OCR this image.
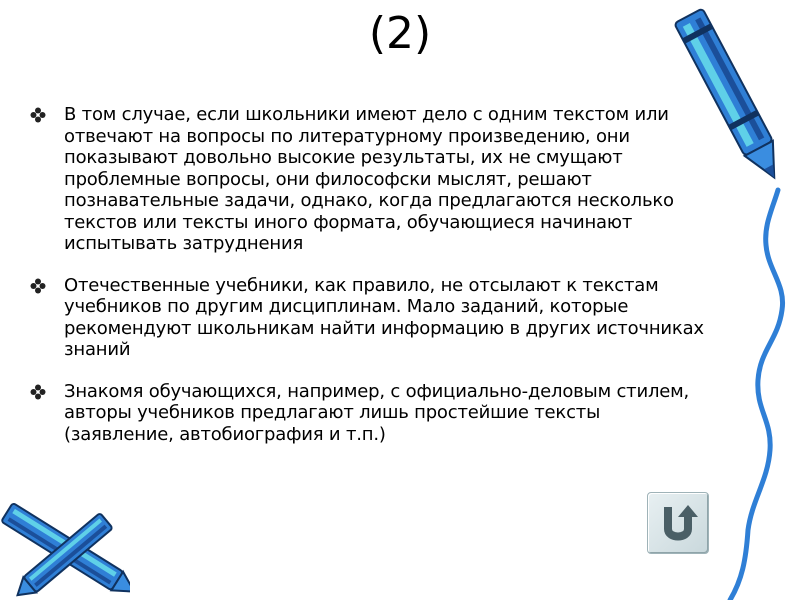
(2)
В том случае, если школьники имеют дело с одним текстом или отвечают на вопросы по литературному произведению, они показывают довольно высокие результаты, их не смущают проблемные вопросы, они философски мыслят, решают познавательные задачи, однако, когда предлагаются несколько текстов или тексты иного формата, обучающиеся начинают испытывать затруднения
Отечественные учебники, как правило, не отсылают к текстам учебников по другим дисциплинам. Мало заданий, которые рекомендуют школьникам найти информацию в других источниках знаний
Знакомя обучающихся, например, с официально-деловым стилем, авторы учебников предлагают лишь простейшие тексты (заявление, автобиография и т.п.)
